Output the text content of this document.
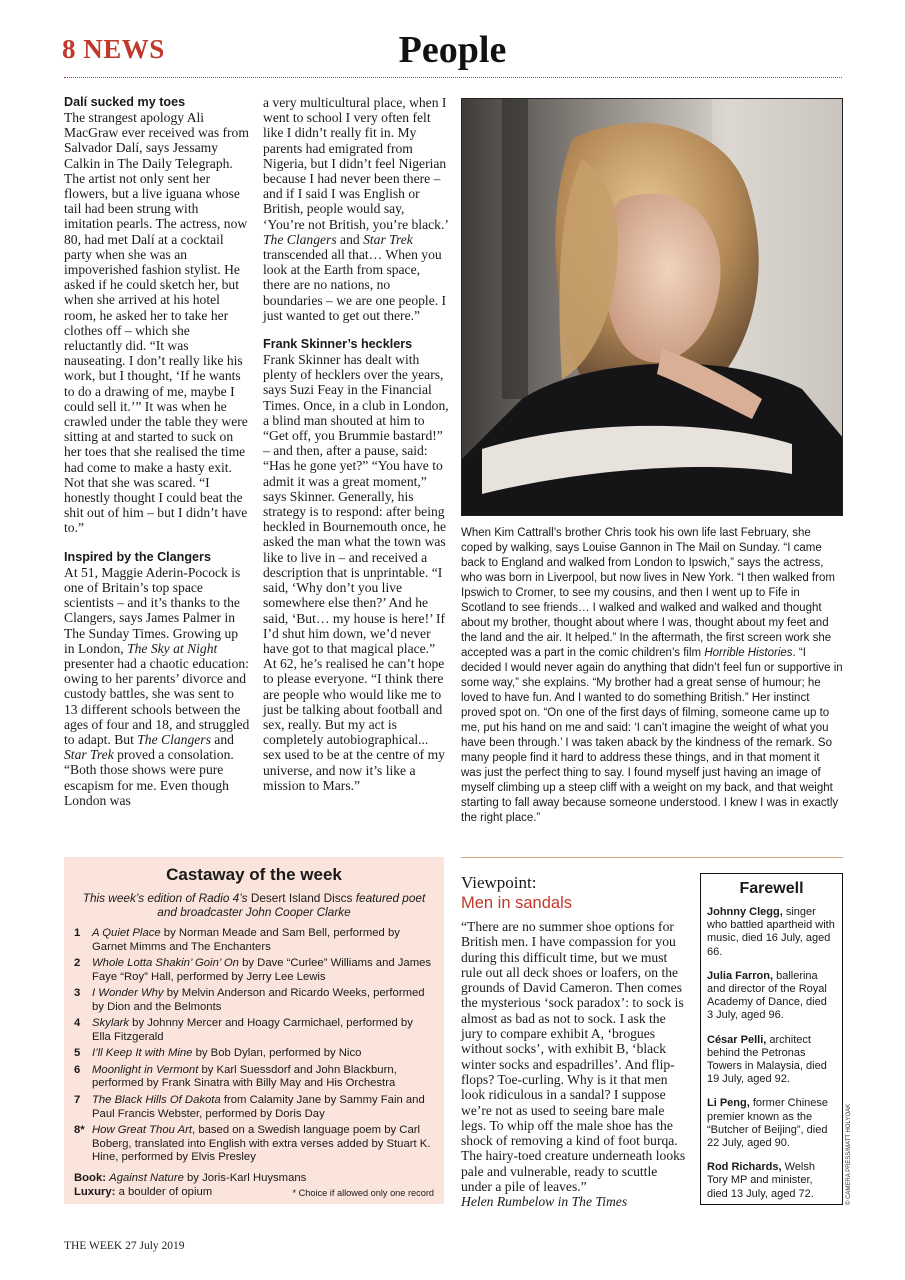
8 NEWS	People
Dalí sucked my toes

The strangest apology Ali MacGraw ever received was from Salvador Dalí, says Jessamy Calkin in The Daily Telegraph. The artist not only sent her flowers, but a live iguana whose tail had been strung with imitation pearls. The actress, now 80, had met Dalí at a cocktail party when she was an impoverished fashion stylist. He asked if he could sketch her, but when she arrived at his hotel room, he asked her to take her clothes off – which she reluctantly did. “It was nauseating. I don’t really like his work, but I thought, ‘If he wants to do a drawing of me, maybe I could sell it.’” It was when he crawled under the table they were sitting at and started to suck on her toes that she realised the time had come to make a hasty exit. Not that she was scared. “I honestly thought I could beat the shit out of him – but I didn’t have to.”

Inspired by the Clangers

At 51, Maggie Aderin-Pocock is one of Britain’s top space scientists – and it’s thanks to the Clangers, says James Palmer in The Sunday Times. Growing up in London, The Sky at Night presenter had a chaotic education: owing to her parents’ divorce and custody battles, she was sent to 13 different schools between the ages of four and 18, and struggled to adapt. But The Clangers and Star Trek proved a consolation. “Both those shows were pure escapism for me. Even though London was

a very multicultural place, when I went to school I very often felt like I didn’t really fit in. My parents had emigrated from Nigeria, but I didn’t feel Nigerian because I had never been there – and if I said I was English or British, people would say, ‘You’re not British, you’re black.’ The Clangers and Star Trek transcended all that… When you look at the Earth from space, there are no nations, no boundaries – we are one people. I just wanted to get out there.”

Frank Skinner’s hecklers

Frank Skinner has dealt with plenty of hecklers over the years, says Suzi Feay in the Financial Times. Once, in a club in London, a blind man shouted at him to “Get off, you Brummie bastard!” – and then, after a pause, said: “Has he gone yet?” “You have to admit it was a great moment,” says Skinner. Generally, his strategy is to respond: after being heckled in Bournemouth once, he asked the man what the town was like to live in – and received a description that is unprintable. “I said, ‘Why don’t you live somewhere else then?’ And he said, ‘But… my house is here!’ If I’d shut him down, we’d never have got to that magical place.” At 62, he’s realised he can’t hope to please everyone. “I think there are people who would like me to just be talking about football and sex, really. But my act is completely autobiographical... sex used to be at the centre of my universe, and now it’s like a mission to Mars.”

When Kim Cattrall’s brother Chris took his own life last February, she coped by walking, says Louise Gannon in The Mail on Sunday. “I came back to England and walked from London to Ipswich,” says the actress, who was born in Liverpool, but now lives in New York. “I then walked from Ipswich to Cromer, to see my cousins, and then I went up to Fife in Scotland to see friends… I walked and walked and walked and thought about my brother, thought about where I was, thought about my feet and the land and the air. It helped.” In the aftermath, the first screen work she accepted was a part in the comic children’s film Horrible Histories. “I decided I would never again do anything that didn’t feel fun or supportive in some way,” she explains. “My brother had a great sense of humour; he loved to have fun. And I wanted to do something British.” Her instinct proved spot on. “On one of the first days of filming, someone came up to me, put his hand on me and said: ‘I can’t imagine the weight of what you have been through.’ I was taken aback by the kindness of the remark. So many people find it hard to address these things, and in that moment it was just the perfect thing to say. I found myself just having an image of myself climbing up a steep cliff with a weight on my back, and that weight starting to fall away because someone understood. I knew I was in exactly the right place.”
Castaway of the week
This week’s edition of Radio 4’s Desert Island Discs featured poet and broadcaster John Cooper Clarke
1	A Quiet Place by Norman Meade and Sam Bell, performed by Garnet Mimms and The Enchanters
2	Whole Lotta Shakin’ Goin’ On by Dave “Curlee” Williams and James Faye “Roy” Hall, performed by Jerry Lee Lewis
3	I Wonder Why by Melvin Anderson and Ricardo Weeks, performed by Dion and the Belmonts
4	Skylark by Johnny Mercer and Hoagy Carmichael, performed by Ella Fitzgerald
5	I’ll Keep It with Mine by Bob Dylan, performed by Nico
6	Moonlight in Vermont by Karl Suessdorf and John Blackburn, performed by Frank Sinatra with Billy May and His Orchestra
7	The Black Hills Of Dakota from Calamity Jane by Sammy Fain and Paul Francis Webster, performed by Doris Day
8* How Great Thou Art, based on a Swedish language poem by Carl Boberg, translated into English with extra verses added by Stuart K. Hine, performed by Elvis Presley
Book: Against Nature by Joris-Karl Huysmans
Luxury: a boulder of opium	* Choice if allowed only one record
Viewpoint:
Men in sandals

“There are no summer shoe options for British men. I have compassion for you during this difficult time, but we must rule out all deck shoes or loafers, on the grounds of David Cameron. Then comes the mysterious ‘sock paradox’: to sock is almost as bad as not to sock. I ask the jury to compare exhibit A, ‘brogues without socks’, with exhibit B, ‘black winter socks and espadrilles’. And flip-flops? Toe-curling. Why is it that men look ridiculous in a sandal? I suppose we’re not as used to seeing bare male legs. To whip off the male shoe has the shock of removing a kind of foot burqa. The hairy-toed creature underneath looks pale and vulnerable, ready to scuttle under a pile of leaves.”

Helen Rumbelow in The Times

Farewell
Johnny Clegg, singer who battled apartheid with music, died 16 July, aged 66.
Julia Farron, ballerina and director of the Royal Academy of Dance, died 3 July, aged 96.
César Pelli, architect behind the Petronas Towers in Malaysia, died 19 July, aged 92.
Li Peng, former Chinese premier known as the “Butcher of Beijing”, died 22 July, aged 90.
Rod Richards, Welsh Tory MP and minister, died 13 July, aged 72.	© CAMERA PRESS/MATT HOLYOAK
THE WEEK 27 July 2019
